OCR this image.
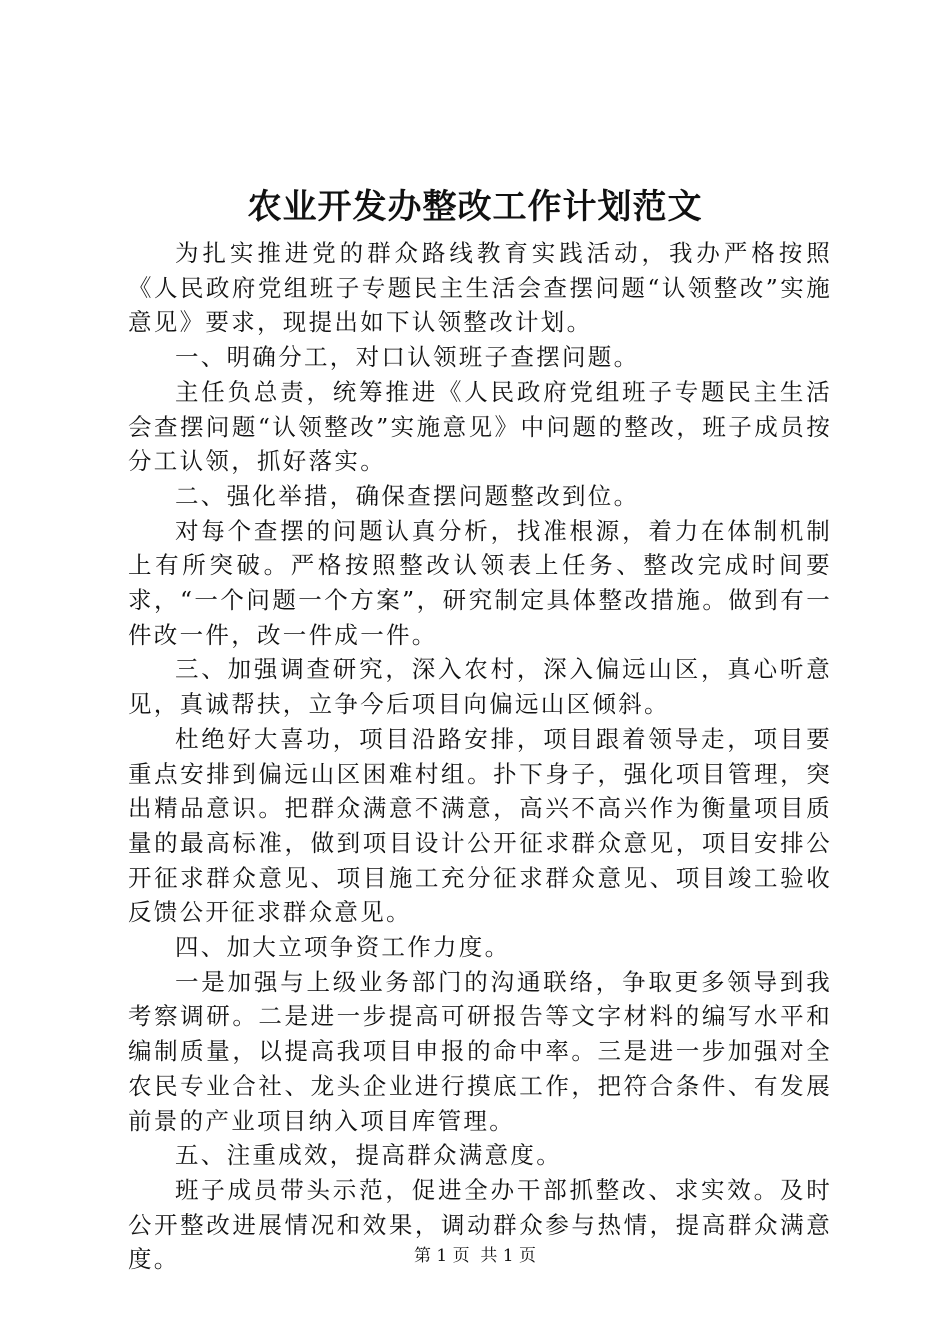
农业开发办整改工作计划范文

为扎实推进党的群众路线教育实践活动，我办严格按照《人民政府党组班子专题民主生活会查摆问题“认领整改”实施意见》要求，现提出如下认领整改计划。

一、明确分工，对口认领班子查摆问题。

主任负总责，统筹推进《人民政府党组班子专题民主生活会查摆问题“认领整改”实施意见》中问题的整改，班子成员按分工认领，抓好落实。

二、强化举措，确保查摆问题整改到位。

对每个查摆的问题认真分析，找准根源，着力在体制机制上有所突破。严格按照整改认领表上任务、整改完成时间要求，“一个问题一个方案”，研究制定具体整改措施。做到有一件改一件，改一件成一件。

三、加强调查研究，深入农村，深入偏远山区，真心听意见，真诚帮扶，立争今后项目向偏远山区倾斜。

杜绝好大喜功，项目沿路安排，项目跟着领导走，项目要重点安排到偏远山区困难村组。扑下身子，强化项目管理，突出精品意识。把群众满意不满意，高兴不高兴作为衡量项目质量的最高标准，做到项目设计公开征求群众意见，项目安排公开征求群众意见、项目施工充分征求群众意见、项目竣工验收反馈公开征求群众意见。

四、加大立项争资工作力度。

一是加强与上级业务部门的沟通联络，争取更多领导到我考察调研。二是进一步提高可研报告等文字材料的编写水平和编制质量，以提高我项目申报的命中率。三是进一步加强对全农民专业合社、龙头企业进行摸底工作，把符合条件、有发展前景的产业项目纳入项目库管理。

五、注重成效，提高群众满意度。

班子成员带头示范，促进全办干部抓整改、求实效。及时公开整改进展情况和效果，调动群众参与热情，提高群众满意度。	第 1 页  共 1 页
